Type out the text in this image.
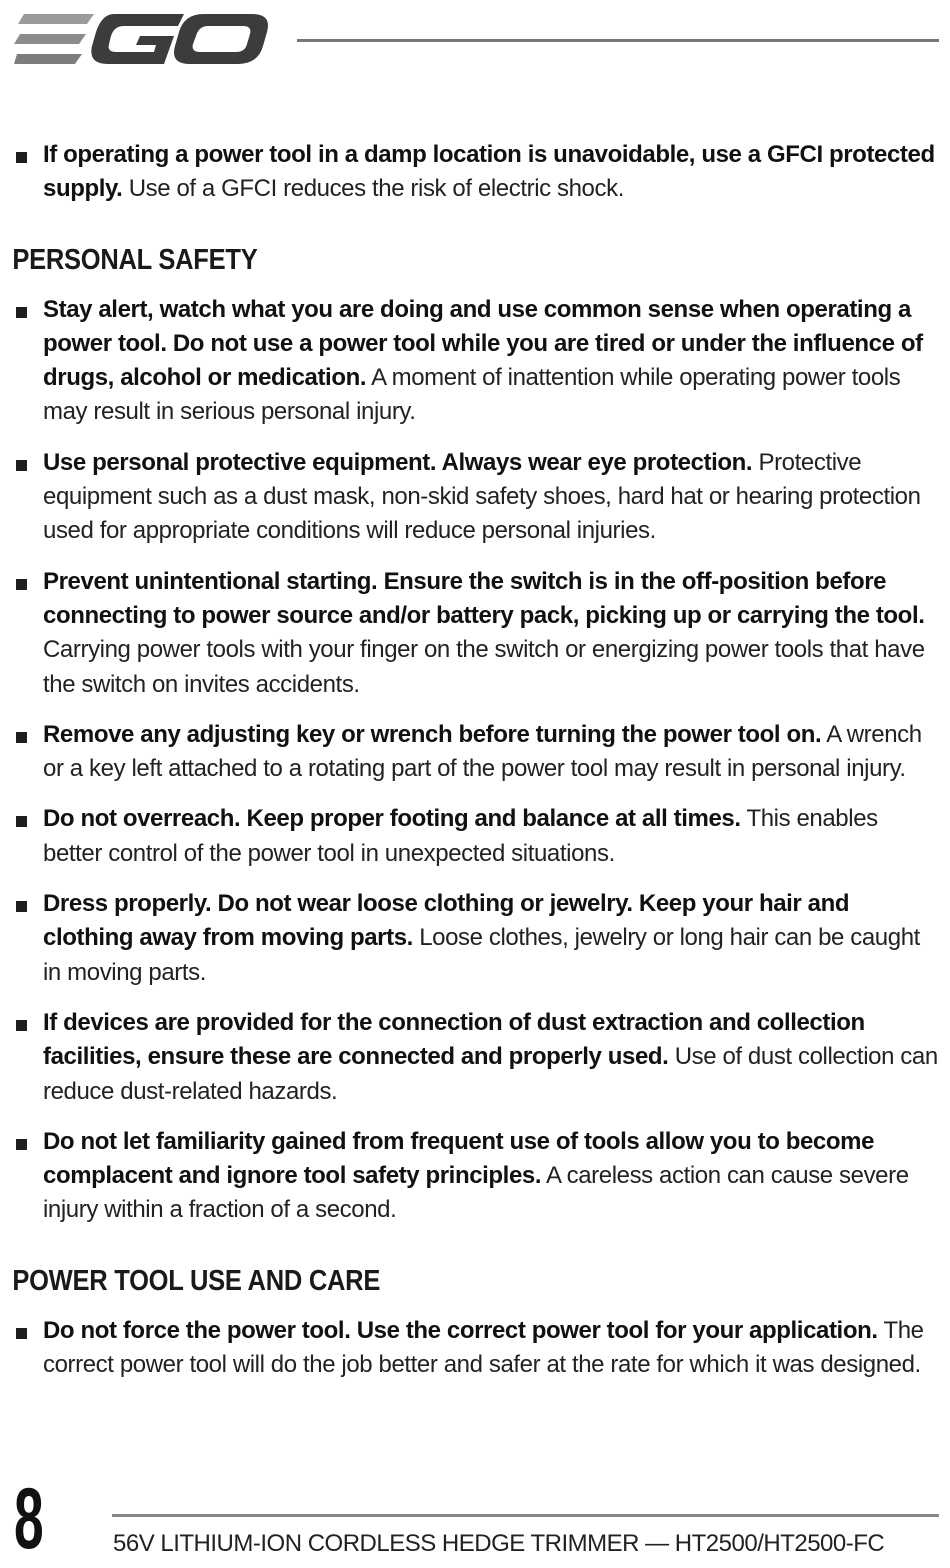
If operating a power tool in a damp location is unavoidable, use a GFCI protected supply. Use of a GFCI reduces the risk of electric shock.
PERSONAL SAFETY
Stay alert, watch what you are doing and use common sense when operating a power tool. Do not use a power tool while you are tired or under the influence of drugs, alcohol or medication. A moment of inattention while operating power tools may result in serious personal injury.
Use personal protective equipment. Always wear eye protection. Protective equipment such as a dust mask, non-skid safety shoes, hard hat or hearing protection used for appropriate conditions will reduce personal injuries.
Prevent unintentional starting. Ensure the switch is in the off-position before connecting to power source and/or battery pack, picking up or carrying the tool. Carrying power tools with your finger on the switch or energizing power tools that have the switch on invites accidents.
Remove any adjusting key or wrench before turning the power tool on. A wrench or a key left attached to a rotating part of the power tool may result in personal injury.
Do not overreach. Keep proper footing and balance at all times. This enables better control of the power tool in unexpected situations.
Dress properly. Do not wear loose clothing or jewelry. Keep your hair and clothing away from moving parts. Loose clothes, jewelry or long hair can be caught in moving parts.
If devices are provided for the connection of dust extraction and collection facilities, ensure these are connected and properly used. Use of dust collection can reduce dust-related hazards.
Do not let familiarity gained from frequent use of tools allow you to become complacent and ignore tool safety principles. A careless action can cause severe injury within a fraction of a second.
POWER TOOL USE AND CARE
Do not force the power tool. Use the correct power tool for your application. The correct power tool will do the job better and safer at the rate for which it was designed.
8	56V LITHIUM-ION CORDLESS HEDGE TRIMMER — HT2500/HT2500-FC
